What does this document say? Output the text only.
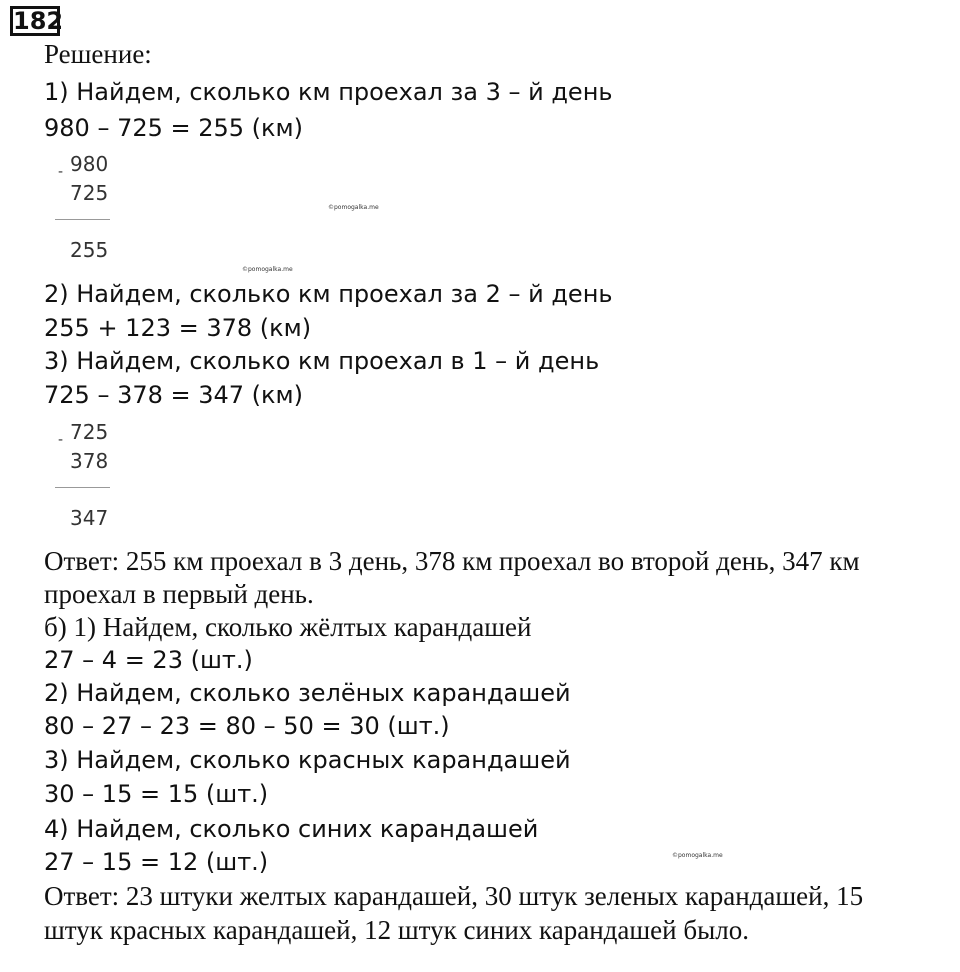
182
Решение:
1) Найдем, сколько км проехал за 3 – й день
980 – 725 = 255 (км)
980
-
725
255
©pomogalka.me
©pomogalka.me
2) Найдем, сколько км проехал за 2 – й день
255 + 123 = 378 (км)
3) Найдем, сколько км проехал в 1 – й день
725 – 378 = 347 (км)
725
-
378
347
Ответ: 255 км проехал в 3 день, 378 км проехал во второй день, 347 км
проехал в первый день.
б) 1) Найдем, сколько жёлтых карандашей
27 – 4 = 23 (шт.)
2) Найдем, сколько зелёных карандашей
80 – 27 – 23 = 80 – 50 = 30 (шт.)
3) Найдем, сколько красных карандашей
30 – 15 = 15 (шт.)
4) Найдем, сколько синих карандашей
27 – 15 = 12 (шт.)	©pomogalka.me
Ответ: 23 штуки желтых карандашей, 30 штук зеленых карандашей, 15
штук красных карандашей, 12 штук синих карандашей было.
